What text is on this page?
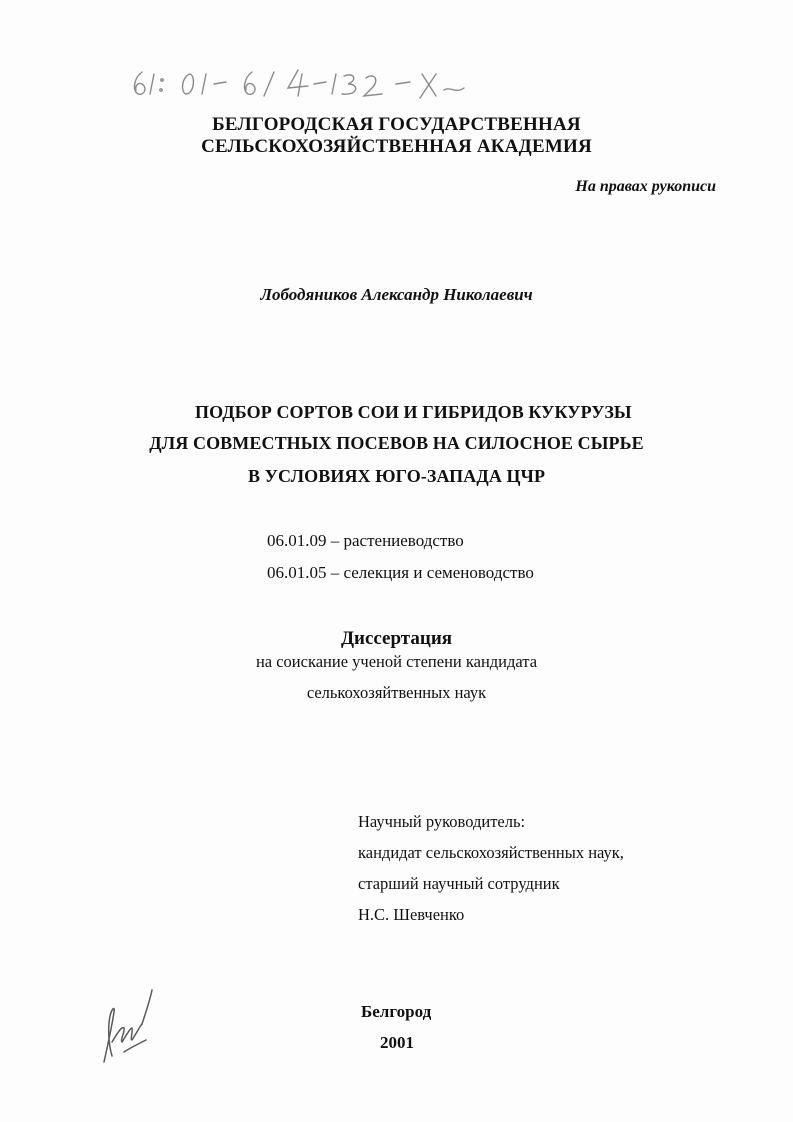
БЕЛГОРОДСКАЯ ГОСУДАРСТВЕННАЯ
СЕЛЬСКОХОЗЯЙСТВЕННАЯ АКАДЕМИЯ
На правах рукописи
Лободяников Александр Николаевич
ПОДБОР СОРТОВ СОИ И ГИБРИДОВ КУКУРУЗЫ
ДЛЯ СОВМЕСТНЫХ ПОСЕВОВ НА СИЛОСНОЕ СЫРЬЕ
В УСЛОВИЯХ ЮГО-ЗАПАДА ЦЧР
06.01.09 – растениеводство
06.01.05 – селекция и семеноводство
Диссертация
на соискание ученой степени кандидата
селькохозяйтвенных наук
Научный руководитель:
кандидат сельскохозяйственных наук,
старший научный сотрудник
Н.С. Шевченко
Белгород
2001
